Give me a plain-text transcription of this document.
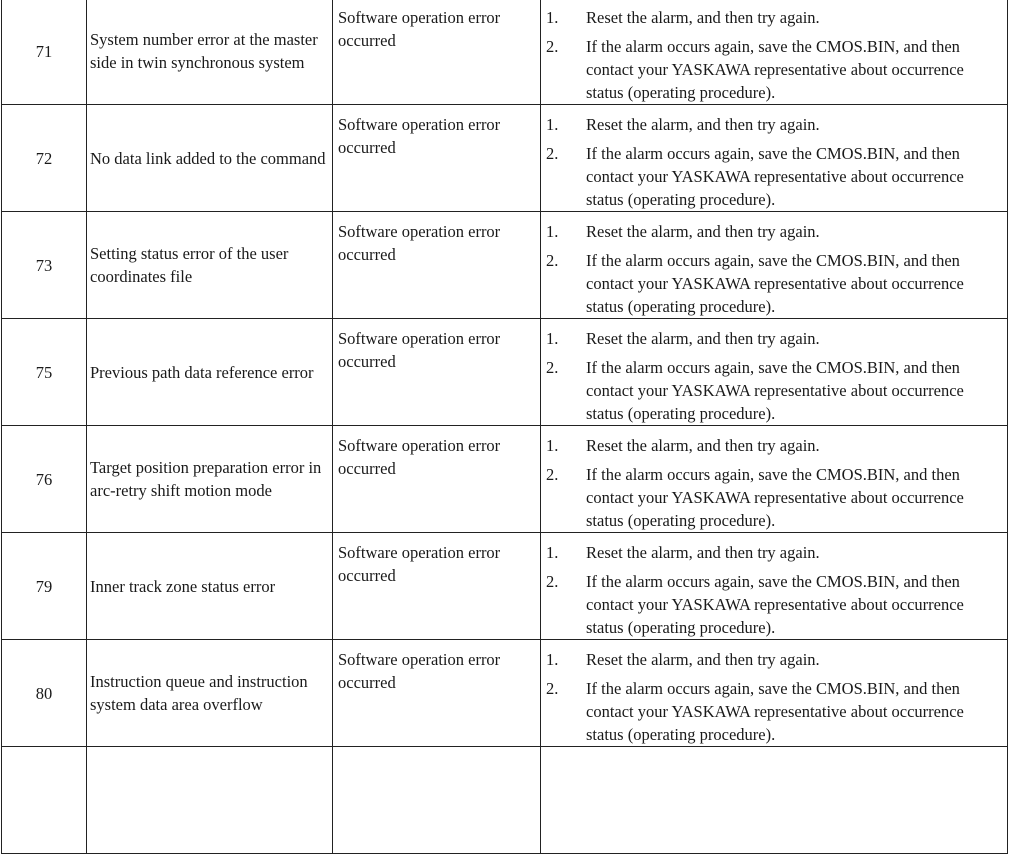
71	System number error at the master side in twin synchronous system	Software operation error occurred	1. Reset the alarm, and then try again.
2. If the alarm occurs again, save the CMOS.BIN, and then contact your YASKAWA representative about occurrence status (operating procedure).

72	No data link added to the command	Software operation error occurred	1. Reset the alarm, and then try again.
2. If the alarm occurs again, save the CMOS.BIN, and then contact your YASKAWA representative about occurrence status (operating procedure).

73	Setting status error of the user coordinates file	Software operation error occurred	1. Reset the alarm, and then try again.
2. If the alarm occurs again, save the CMOS.BIN, and then contact your YASKAWA representative about occurrence status (operating procedure).

75	Previous path data reference error	Software operation error occurred	1. Reset the alarm, and then try again.
2. If the alarm occurs again, save the CMOS.BIN, and then contact your YASKAWA representative about occurrence status (operating procedure).

76	Target position preparation error in arc-retry shift motion mode	Software operation error occurred	1. Reset the alarm, and then try again.
2. If the alarm occurs again, save the CMOS.BIN, and then contact your YASKAWA representative about occurrence status (operating procedure).

79	Inner track zone status error	Software operation error occurred	1. Reset the alarm, and then try again.
2. If the alarm occurs again, save the CMOS.BIN, and then contact your YASKAWA representative about occurrence status (operating procedure).

80	Instruction queue and instruction system data area overflow	Software operation error occurred	1. Reset the alarm, and then try again.
2. If the alarm occurs again, save the CMOS.BIN, and then contact your YASKAWA representative about occurrence status (operating procedure).
